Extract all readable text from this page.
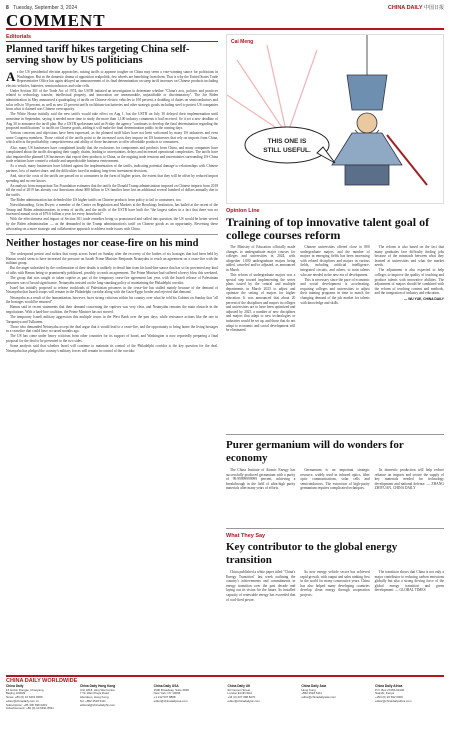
8 Tuesday, September 3, 2024	CHINA DAILY 中国日报
COMMENT
Editorials
Planned tariff hikes targeting China self-serving show by US politicians
A s the US presidential election approaches, raising tariffs to appease tougher on China may seem a vote-winning stance for politicians in Washington. But as the domestic drama of opposition realpolitik, few wheels are benefiting from them. That is why the United States Trade Representative Office has again delayed an announcement of its final determination on steep tariff increases on Chinese products including electric vehicles, batteries, semiconductors and solar cells.

Under Section 301 of the Trade Act of 1974, the USTR initiated an investigation to determine whether "China's acts, policies and practices related to technology transfer, intellectual property, and innovation are unreasonable, unjustifiable or discriminatory". The Joe Biden administration in May announced a quadrupling of tariffs on Chinese electric vehicles to 100 percent, a doubling of duties on semiconductors and solar cells to 50 percent, as well as new 25 percent tariffs on lithium-ion batteries and other strategic goods including steel to protect US companies from what it claimed was Chinese overcapacity.

The White House initially said the new tariffs would take effect on Aug 1, but the USTR on July 30 delayed their implementation until sometime in September, saying it needed more time to study the more than 1,100 industry comments it had received. So it set a new deadline of Aug 30 to announce the tariff plan. But a USTR spokesman said on Friday the agency "continues to develop the final determination regarding the proposed modifications" to tariffs on Chinese goods, adding it will make the final determination public in the coming days.

Various concerns and objections have been expressed, as the planned tariff hikes have not been welcomed by many US industries and even some Congress members. Those critical of the tariffs point to the increased costs they impose on US businesses that rely on imports from China, which affects the profitability, competitiveness and ability of those businesses to offer affordable products to consumers.

Also, many US businesses have complained loudly that the exclusions for components and products from China, and many companies have complained about the tariffs disrupting their supply chains, leading to uncertainties, delays and increased operational complexities. The tariffs have also impaired the planned US businesses that export their products to China, as the ongoing trade tensions and uncertainties surrounding US-China trade relations have created a volatile and unpredictable business environment.

As a result, many businesses have lobbied against the implementation of the tariffs, indicating potential damage to relationships with Chinese partners, loss of market share, and the difficulties faced in making long-term investment decisions.

And, since the costs of the tariffs are passed on to consumers in the form of higher prices, the extent that they will be offset by reduced import spending and no one knows.

An analysis from nonpartisan Tax Foundation estimates that the tariffs the Donald Trump administration imposed on Chinese imports from 2018 till the end of 2019 has already cost Americans about $80 billion in US families have lost an additional several hundred of dollars annually due to the tariffs.

The Biden administration has defended the US higher tariffs on Chinese products from policy to fail to consumers, too.

Notwithstanding, Grim Dwyer, a member of the Center on Regulation and Markets at the Brookings Institution, has hailed at the recent of the Trump and Biden administrations in terms of tariffs, and the tariffs of the USTR have built the "the largest stakes in a fact that there was no increased annual costs of $79.6 billion a year for every household."

With the effectiveness and impact of Section 301 trade remedies being so pronounced and called into question, the US would be better served by the Biden administration — as the demanded in the Trump administration's tariff on Chinese goods as an opportunity. Reversing these advocating on a more strategic and collaborative approach to address trade issues with China.

Neither hostages nor cease-fire on his mind

The widespread protest and strikes that swept across Israel on Sunday after the recovery of the bodies of six hostages that had been held by Hamas would seem to have increased the pressure on Israeli Prime Minister Benjamin Netanyahu to reach an agreement on a cease-fire with the militant group.

But the anger unleashed by the confirmation of their deaths is unlikely to derail him from his hard-line stance that has so far prevented any kind of talks with Hamas being so prominently publicized, possibly to reach an agreement. The Prime Minister had suffered a heavy blow this weekend.

The group that was caught or taken captive as part of the temporary cease-fire agreement last year, with the Israeli release of Palestinian prisoners was of broad significance. Netanyahu insisted on the long-standing policy of maintaining the Philadelphi corridor.

Israel has initially proposed to release truckloads of Palestinian prisoners in the cease-fire has stalled mainly because of the demand of Netanyahu that Israeli troops will remain in the Philadelphi corridor along with the Gaza-Egypt border and rejected that demand.

Netanyahu as a result of the humanitarian, however, faces strong criticism within his country over what he told his Cabinet on Sunday that "all the hostages would be returned".

Hamas said in recent statements that their demand concerning the captives was very clear, and Netanyahu remains the main obstacle in the negotiations. With a hard-line coalition, the Prime Minister has not moved.

The temporary Israeli military aggression this multiple towns in the West Bank over the past days, while resistance actions like the one in Tarqumiya and Tulkarem.

Those who demanded Netanyahu accept the deal argue that it would lead to a cease-fire, and the opportunity to bring home the living hostages in a ceasefire that could have occurred months ago.

The US has come under heavy criticism from other countries for its support of Israel, and Washington is now reportedly preparing a final proposal for the deal to be presented to the two sides.

Some analysts said that whether Israel will continue to maintain its control of the Philadelphi corridor is the key question for the deal. Netanyahu has pledged the country's military forces will remain in control of the corridor.

CHINA DAILY WORLDWIDE
China Daily
15 Huixin Dongjie, Chaoyang
Beijing 100029
News: +86 (0) 10 6491 8366
editor@chinadaily.com.cn
Subscription: +86 400 699 0203
Advertisement: +86 (0) 10 6491 8631
China Daily Hong Kong
Unit 1818, Hing Wai Centre
7 Tin Wan Praya Road
Aberdeen, Hong Kong
Tel: +852 2518 5111
editorial@chinadailyhk.com
China Daily USA
1500 Broadway, Suite 2800
New York, NY 10036
+1 212 537 8888
editor@chinadailyusa.com
China Daily UK
90 Cannon Street
London EC4N 6HA
+44 (0) 207 398 8270
editor@chinadailyuk.com
China Daily Asia
Hong Kong
+852 2518 5111
editor@chinadailyasia.com
China Daily Africa
P.O. Box 27281-00100
Nairobi, Kenya
+254 (0) 20 692 0900
editor@chinadailyafrica.com
THIS ONE IS
STILL USEFUL.
Cai Meng
Opinion Line
Training of top innovative talent goal of college courses reform

The Ministry of Education officially made changes to undergraduate major courses for colleges and universities in 2024, with altogether 1,000 undergraduate majors being added, canceled and/or adjusted, as announced in March.

This reform of undergraduate majors was a special step toward implementing the series plans issued by the central and multiple departments in March 2023 to adjust and optimize the setting of majors for higher education. It was announced that about 20 percent of the disciplines and majors in colleges and universities are to have been optimized and adjusted by 2025, a number of new disciplines and majors that adapt to new technologies or industries would be set up, and those that do not adapt to economic and social development will be eliminated.

Chinese universities offered close to 800 undergraduate majors, and the number of majors in emerging fields has been increasing with related disciplines and majors in various fields, including artificial intelligence, integrated circuits, and others, to train talents who are needed in the new era of development.

This is necessary since the pace of economic and social development is accelerating, requiring colleges and universities to adjust their training programs in time to match the changing demand of the job market for talents with knowledge and skills.

The reform is also based on the fact that many graduates face difficulty finding jobs because of the mismatch between what they learned at universities and what the market needs.

The adjustment is also expected to help colleges to improve the quality of teaching and produce talents with innovative abilities. The adjustment of majors should be combined with the reform of teaching content and methods, and the integration of industry and education.

— WU YUE, CHINA DAILY
Purer germanium will do wonders for economy

The China Institute of Atomic Energy has successfully produced germanium with a purity of 99.99999999999 percent, achieving a breakthrough in the field of ultra-high purity materials after many years of efforts.

Germanium is an important strategic resource, widely used in infrared optics, fiber optic communications, solar cells and semiconductors. The extraction of high-purity germanium requires complicated techniques.

Its domestic production will help reduce reliance on imports and secure the supply of key materials needed for technology development and national defense. — ZHANG ZHIYUAN, CHINA DAILY

What They Say
Key contributor to the global energy transition

China published a white paper titled "China's Energy Transition" last week outlining the country's achievements and commitments in energy transition over the past decade and laying out its vision for the future. Its installed capacity of renewable energy has exceeded that of coal-fired power.

Its new energy vehicle sector has achieved rapid growth, with output and sales ranking first in the world for many consecutive years. China has also helped many developing countries develop clean energy through cooperation projects.

The transition shows that China is not only a major contributor to reducing carbon emissions globally but also a strong driving force of the global energy transition and green development. — GLOBAL TIMES
